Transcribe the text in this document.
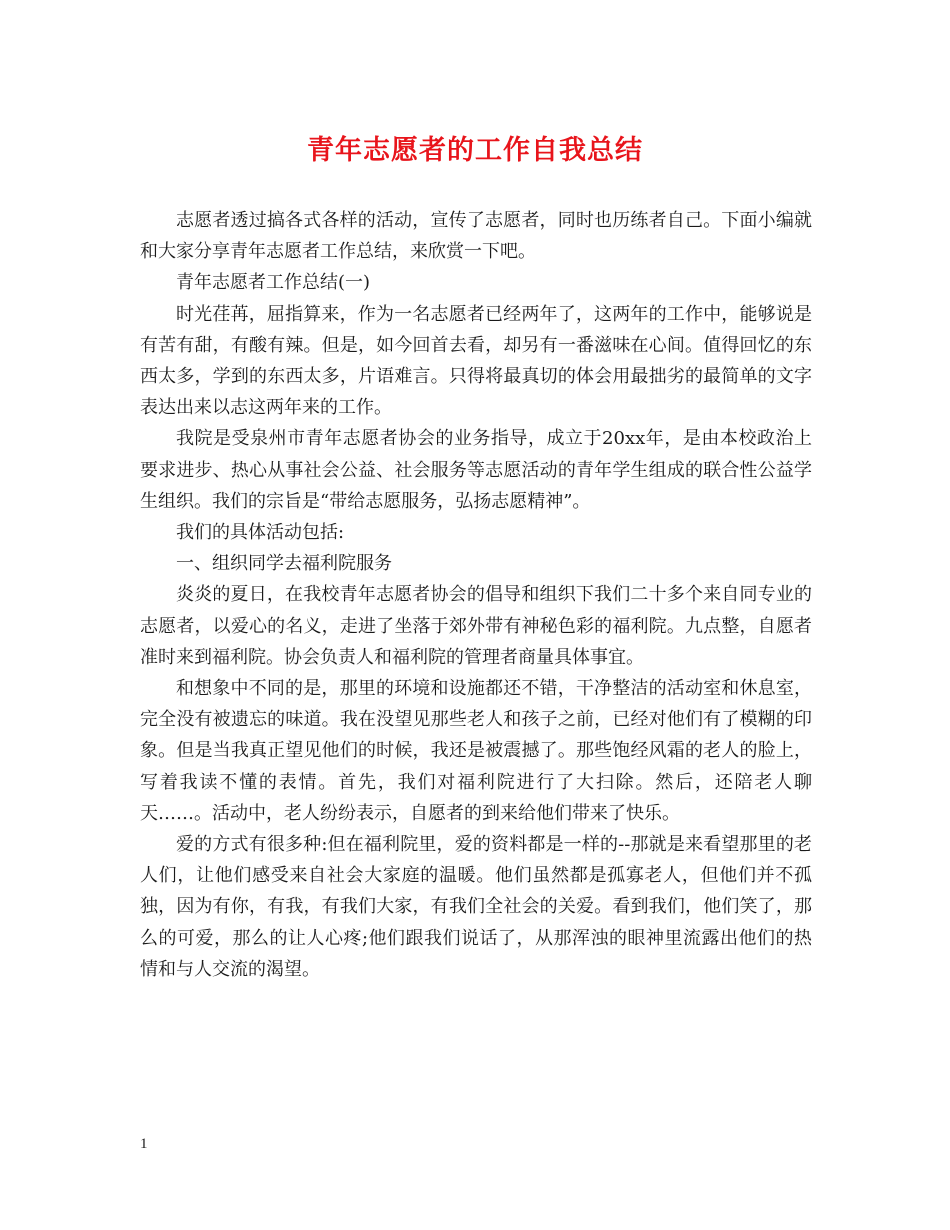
青年志愿者的工作自我总结

志愿者透过搞各式各样的活动，宣传了志愿者，同时也历练者自己。下面小编就和大家分享青年志愿者工作总结，来欣赏一下吧。

青年志愿者工作总结(一)

时光荏苒，屈指算来，作为一名志愿者已经两年了，这两年的工作中，能够说是有苦有甜，有酸有辣。但是，如今回首去看，却另有一番滋味在心间。值得回忆的东西太多，学到的东西太多，片语难言。只得将最真切的体会用最拙劣的最简单的文字表达出来以志这两年来的工作。

我院是受泉州市青年志愿者协会的业务指导，成立于20xx年，是由本校政治上要求进步、热心从事社会公益、社会服务等志愿活动的青年学生组成的联合性公益学生组织。我们的宗旨是“带给志愿服务，弘扬志愿精神”。

我们的具体活动包括:

一、组织同学去福利院服务

炎炎的夏日，在我校青年志愿者协会的倡导和组织下我们二十多个来自同专业的志愿者，以爱心的名义，走进了坐落于郊外带有神秘色彩的福利院。九点整，自愿者准时来到福利院。协会负责人和福利院的管理者商量具体事宜。

和想象中不同的是，那里的环境和设施都还不错，干净整洁的活动室和休息室，完全没有被遗忘的味道。我在没望见那些老人和孩子之前，已经对他们有了模糊的印象。但是当我真正望见他们的时候，我还是被震撼了。那些饱经风霜的老人的脸上，写着我读不懂的表情。首先，我们对福利院进行了大扫除。然后，还陪老人聊天……。活动中，老人纷纷表示，自愿者的到来给他们带来了快乐。

爱的方式有很多种:但在福利院里，爱的资料都是一样的--那就是来看望那里的老人们，让他们感受来自社会大家庭的温暖。他们虽然都是孤寡老人，但他们并不孤独，因为有你，有我，有我们大家，有我们全社会的关爱。看到我们，他们笑了，那么的可爱，那么的让人心疼;他们跟我们说话了，从那浑浊的眼神里流露出他们的热情和与人交流的渴望。

1
